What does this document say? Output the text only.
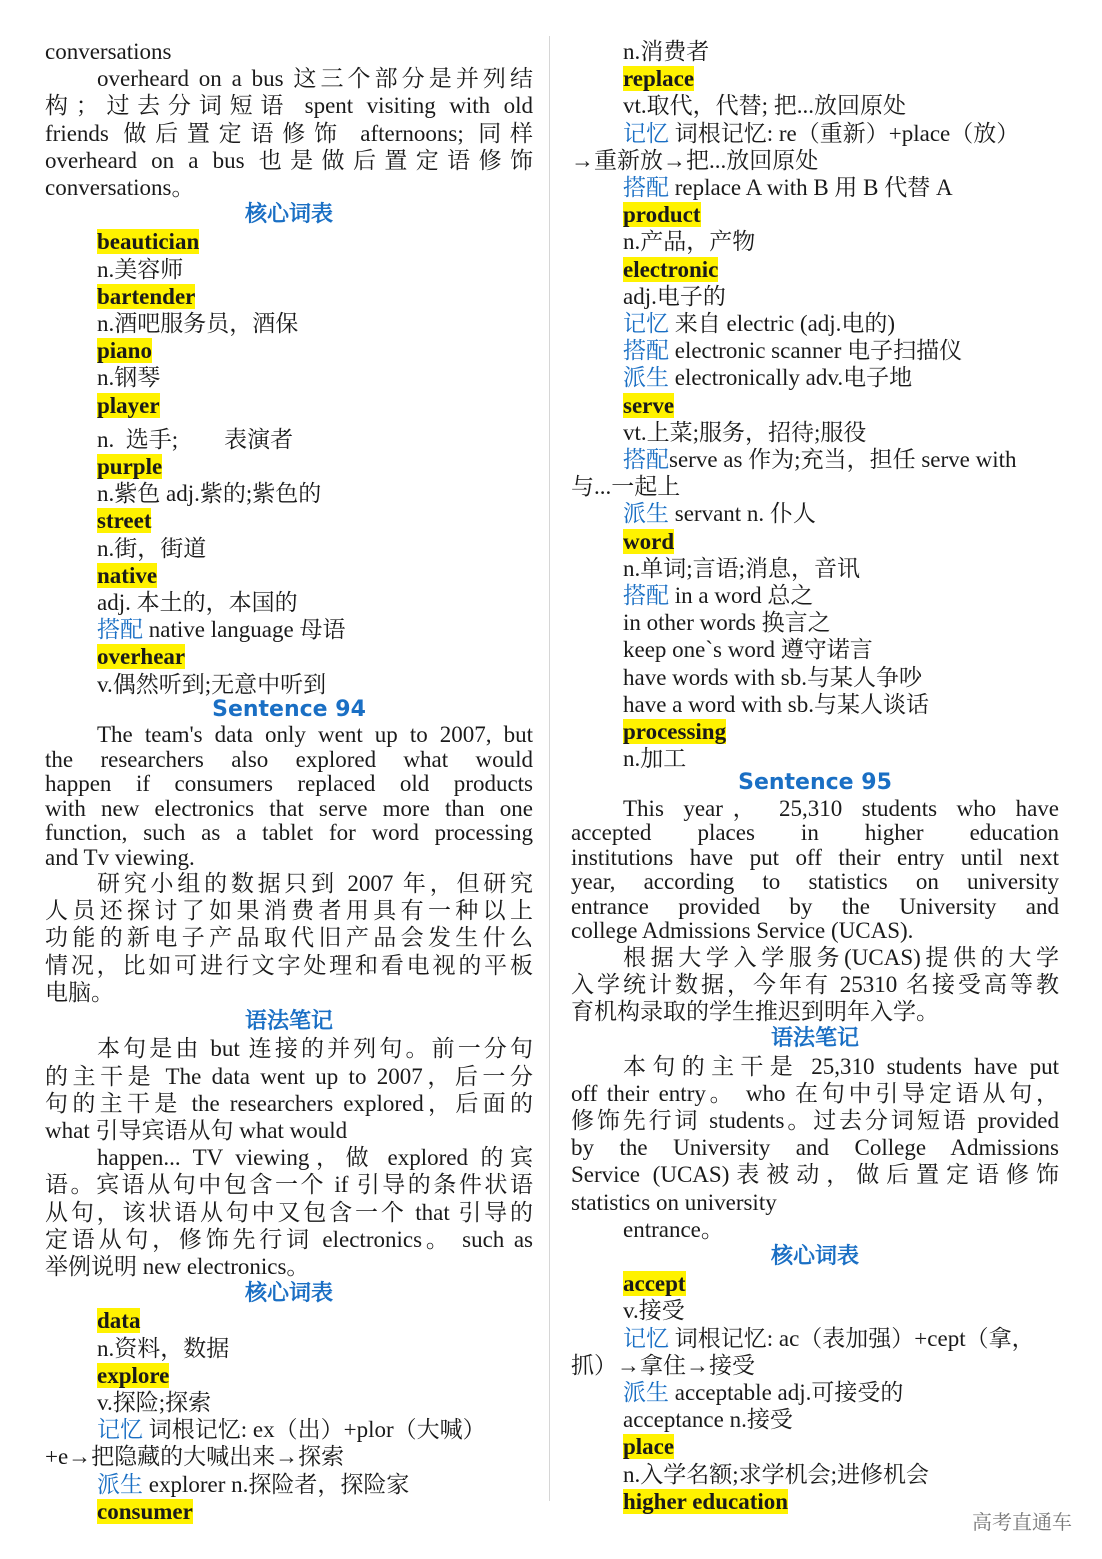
conversations

overheard on a bus 这三个部分是并列结

构；过去分词短语 spent visiting with old

friends 做后置定语修饰 afternoons; 同样

overheard on a bus 也是做后置定语修饰

conversations。

核心词表

beautician

n.美容师

bartender

n.酒吧服务员，酒保

piano

n.钢琴

player

n.  选手;        表演者

purple

n.紫色 adj.紫的;紫色的

street

n.街，街道

native

adj. 本土的，本国的

搭配 native language 母语

overhear

v.偶然听到;无意中听到

Sentence 94

The team's data only went up to 2007, but

the researchers also explored what would

happen if consumers replaced old products

with new electronics that serve more than one

function, such as a tablet for word processing

and Tv viewing.

研究小组的数据只到 2007 年，但研究

人员还探讨了如果消费者用具有一种以上

功能的新电子产品取代旧产品会发生什么

情况，比如可进行文字处理和看电视的平板

电脑。

语法笔记

本句是由 but 连接的并列句。前一分句

的主干是 The data went up to 2007，后一分

句的主干是 the researchers explored，后面的

what 引导宾语从句 what would

happen... TV viewing，做 explored 的宾

语。宾语从句中包含一个 if 引导的条件状语

从句，该状语从句中又包含一个 that 引导的

定语从句，修饰先行词 electronics。 such as

举例说明 new electronics。

核心词表

data

n.资料，数据

explore

v.探险;探索

记忆 词根记忆: ex（出）+plor（大喊）

+e→把隐藏的大喊出来→探索

派生 explorer n.探险者，探险家

consumer

n.消费者

replace

vt.取代，代替; 把...放回原处

记忆 词根记忆: re（重新）+place（放）

→重新放→把...放回原处

搭配 replace A with B 用 B 代替 A

product

n.产品，产物

electronic

adj.电子的

记忆 来自 electric (adj.电的)

搭配 electronic scanner 电子扫描仪

派生 electronically adv.电子地

serve

vt.上菜;服务，招待;服役

搭配serve as 作为;充当，担任 serve with

与...一起上

派生 servant n. 仆人

word

n.单词;言语;消息，音讯

搭配 in a word 总之

in other words 换言之

keep one`s word 遵守诺言

have words with sb.与某人争吵

have a word with sb.与某人谈话

processing

n.加工

Sentence 95

This  year ，  25,310  students  who  have

accepted places in higher education

institutions have put off their entry until next

year, according to statistics on university

entrance provided by the University and

college Admissions Service (UCAS).

根据大学入学服务(UCAS)提供的大学

入学统计数据，今年有 25310 名接受高等教

育机构录取的学生推迟到明年入学。

语法笔记

本句的主干是 25,310 students have put

off their entry。 who 在句中引导定语从句，

修饰先行词 students。过去分词短语 provided

by the University and College Admissions

Service (UCAS)表被动，做后置定语修饰

statistics on university

entrance。

核心词表

accept

v.接受

记忆 词根记忆: ac（表加强）+cept（拿，

抓）→拿住→接受

派生 acceptable adj.可接受的

acceptance n.接受

place

n.入学名额;求学机会;进修机会

higher education

高考直通车
